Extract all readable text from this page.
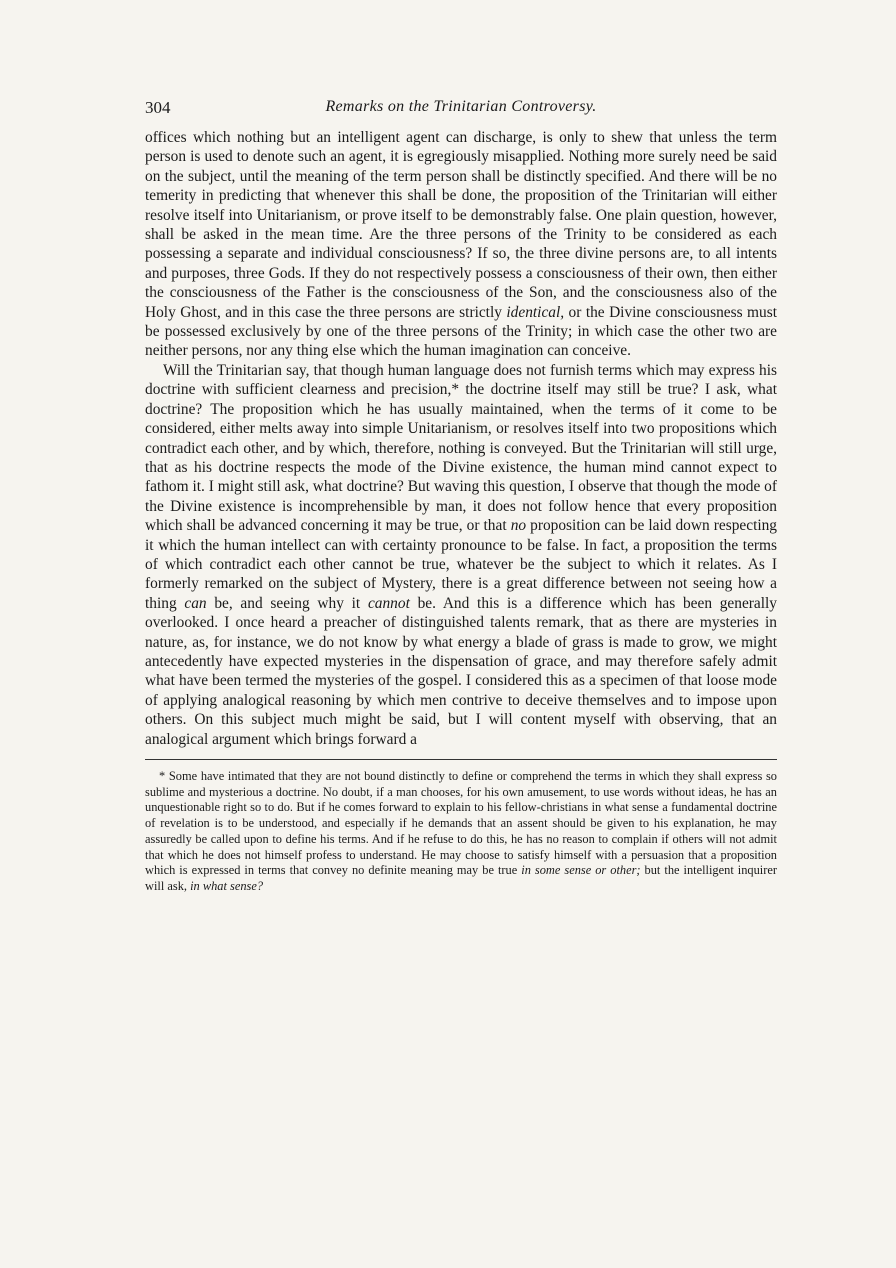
304	Remarks on the Trinitarian Controversy.

offices which nothing but an intelligent agent can discharge, is only to shew that unless the term person is used to denote such an agent, it is egregiously misapplied. Nothing more surely need be said on the subject, until the meaning of the term person shall be distinctly specified. And there will be no temerity in predicting that whenever this shall be done, the proposition of the Trinitarian will either resolve itself into Unitarianism, or prove itself to be demonstrably false. One plain question, however, shall be asked in the mean time. Are the three persons of the Trinity to be considered as each possessing a separate and individual consciousness? If so, the three divine persons are, to all intents and purposes, three Gods. If they do not respectively possess a consciousness of their own, then either the consciousness of the Father is the consciousness of the Son, and the consciousness also of the Holy Ghost, and in this case the three persons are strictly identical, or the Divine consciousness must be possessed exclusively by one of the three persons of the Trinity; in which case the other two are neither persons, nor any thing else which the human imagination can conceive.

Will the Trinitarian say, that though human language does not furnish terms which may express his doctrine with sufficient clearness and precision,* the doctrine itself may still be true? I ask, what doctrine? The proposition which he has usually maintained, when the terms of it come to be considered, either melts away into simple Unitarianism, or resolves itself into two propositions which contradict each other, and by which, therefore, nothing is conveyed. But the Trinitarian will still urge, that as his doctrine respects the mode of the Divine existence, the human mind cannot expect to fathom it. I might still ask, what doctrine? But waving this question, I observe that though the mode of the Divine existence is incomprehensible by man, it does not follow hence that every proposition which shall be advanced concerning it may be true, or that no proposition can be laid down respecting it which the human intellect can with certainty pronounce to be false. In fact, a proposition the terms of which contradict each other cannot be true, whatever be the subject to which it relates. As I formerly remarked on the subject of Mystery, there is a great difference between not seeing how a thing can be, and seeing why it cannot be. And this is a difference which has been generally overlooked. I once heard a preacher of distinguished talents remark, that as there are mysteries in nature, as, for instance, we do not know by what energy a blade of grass is made to grow, we might antecedently have expected mysteries in the dispensation of grace, and may therefore safely admit what have been termed the mysteries of the gospel. I considered this as a specimen of that loose mode of applying analogical reasoning by which men contrive to deceive themselves and to impose upon others. On this subject much might be said, but I will content myself with observing, that an analogical argument which brings forward a

* Some have intimated that they are not bound distinctly to define or comprehend the terms in which they shall express so sublime and mysterious a doctrine. No doubt, if a man chooses, for his own amusement, to use words without ideas, he has an unquestionable right so to do. But if he comes forward to explain to his fellow-christians in what sense a fundamental doctrine of revelation is to be understood, and especially if he demands that an assent should be given to his explanation, he may assuredly be called upon to define his terms. And if he refuse to do this, he has no reason to complain if others will not admit that which he does not himself profess to understand. He may choose to satisfy himself with a persuasion that a proposition which is expressed in terms that convey no definite meaning may be true in some sense or other; but the intelligent inquirer will ask, in what sense?
